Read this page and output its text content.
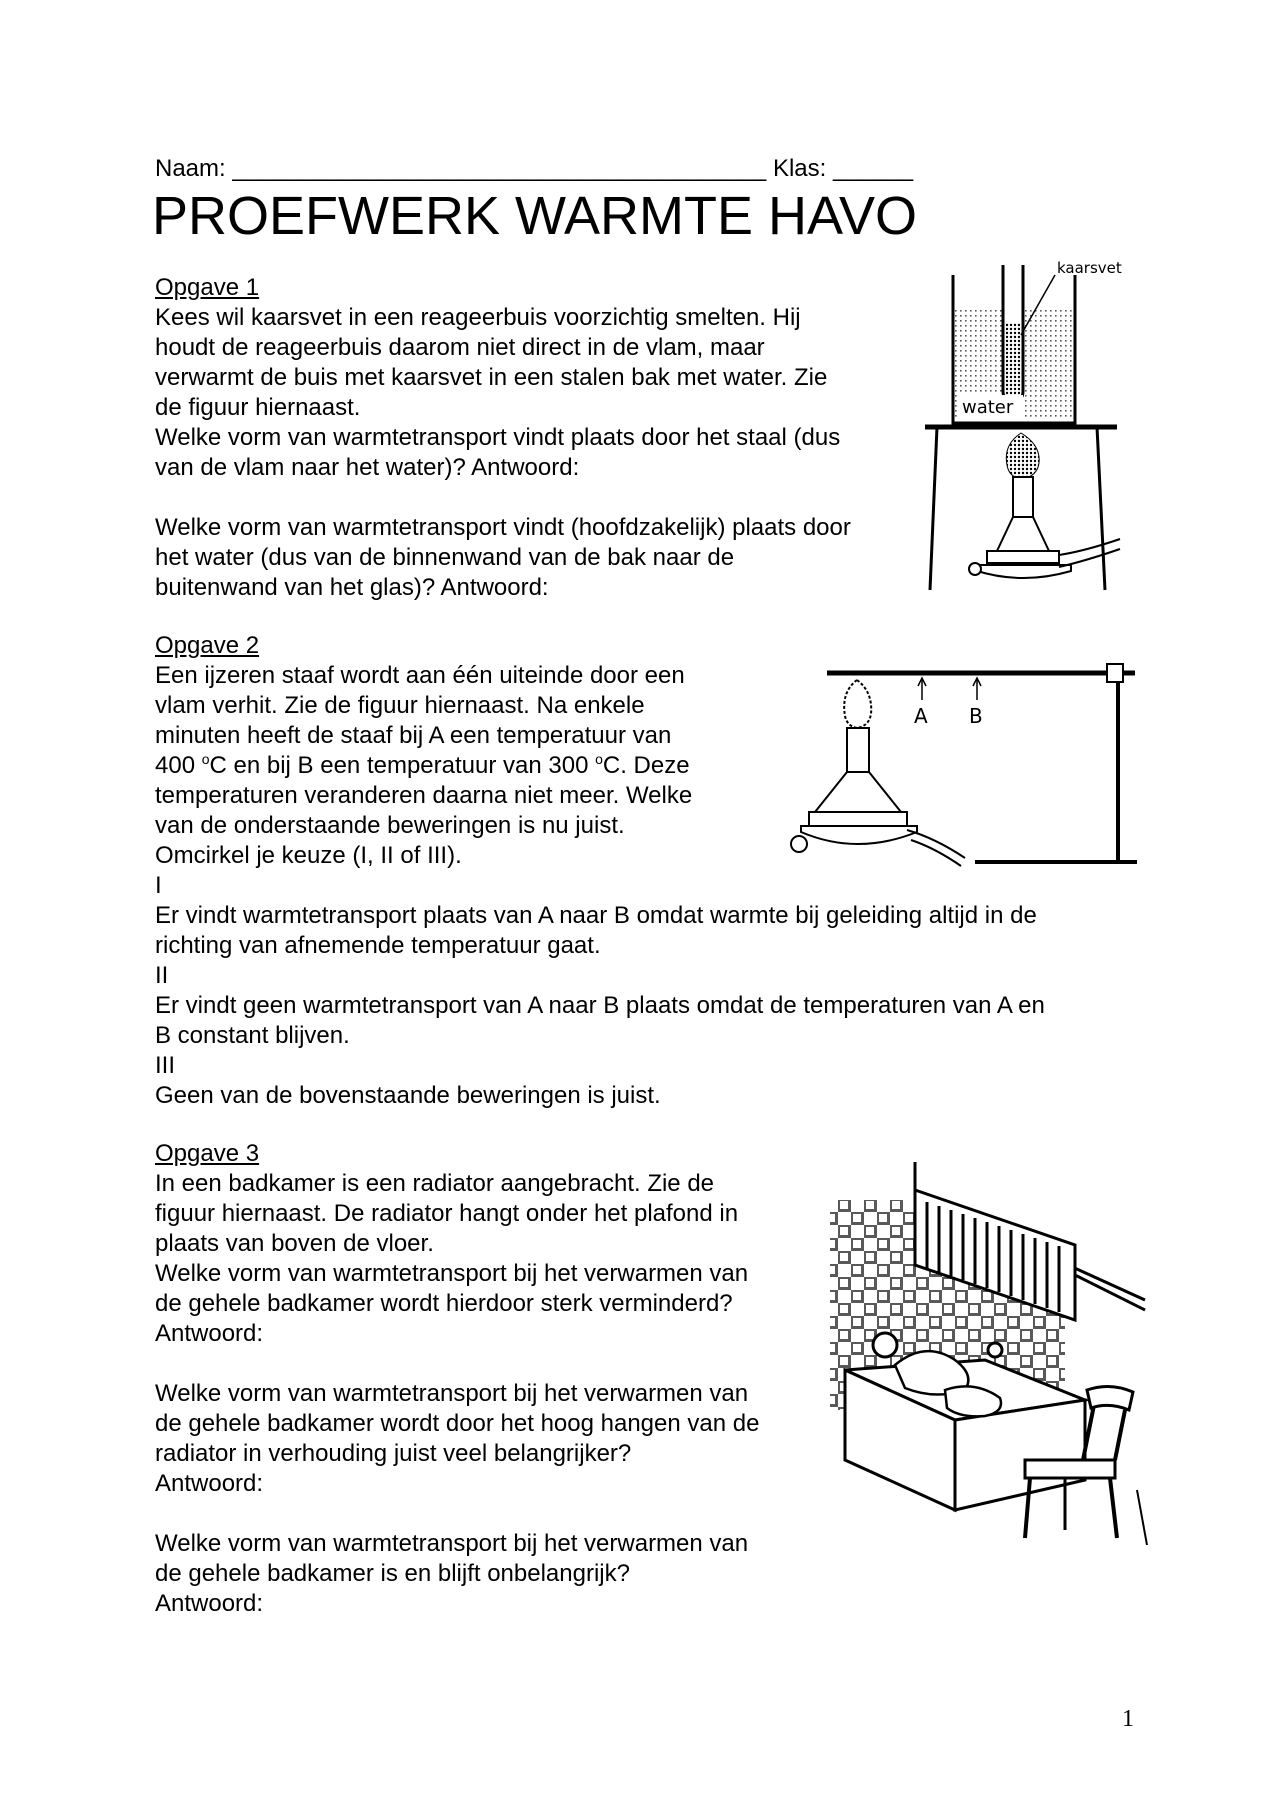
Naam: ________________________________________ Klas: ______
PROEFWERK WARMTE HAVO
Opgave 1
Kees wil kaarsvet in een reageerbuis voorzichtig smelten. Hij
houdt de reageerbuis daarom niet direct in de vlam, maar
verwarmt de buis met kaarsvet in een stalen bak met water. Zie
de figuur hiernaast.
Welke vorm van warmtetransport vindt plaats door het staal (dus
van de vlam naar het water)? Antwoord:
Welke vorm van warmtetransport vindt (hoofdzakelijk) plaats door
het water (dus van de binnenwand van de bak naar de
buitenwand van het glas)? Antwoord:
kaarsvet
water
Opgave 2
Een ijzeren staaf wordt aan één uiteinde door een
vlam verhit. Zie de figuur hiernaast. Na enkele
minuten heeft de staaf bij A een temperatuur van
400 $^o$C en bij B een temperatuur van 300 $^o$C. Deze
temperaturen veranderen daarna niet meer. Welke
van de onderstaande beweringen is nu juist.
Omcirkel je keuze (I, II of III).
I
Er vindt warmtetransport plaats van A naar B omdat warmte bij geleiding altijd in de
richting van afnemende temperatuur gaat.
II
Er vindt geen warmtetransport van A naar B plaats omdat de temperaturen van A en
B constant blijven.
III
Geen van de bovenstaande beweringen is juist.
A B
Opgave 3
In een badkamer is een radiator aangebracht. Zie de
figuur hiernaast. De radiator hangt onder het plafond in
plaats van boven de vloer.
Welke vorm van warmtetransport bij het verwarmen van
de gehele badkamer wordt hierdoor sterk verminderd?
Antwoord:
Welke vorm van warmtetransport bij het verwarmen van
de gehele badkamer wordt door het hoog hangen van de
radiator in verhouding juist veel belangrijker?
Antwoord:
Welke vorm van warmtetransport bij het verwarmen van
de gehele badkamer is en blijft onbelangrijk?
Antwoord:
1
